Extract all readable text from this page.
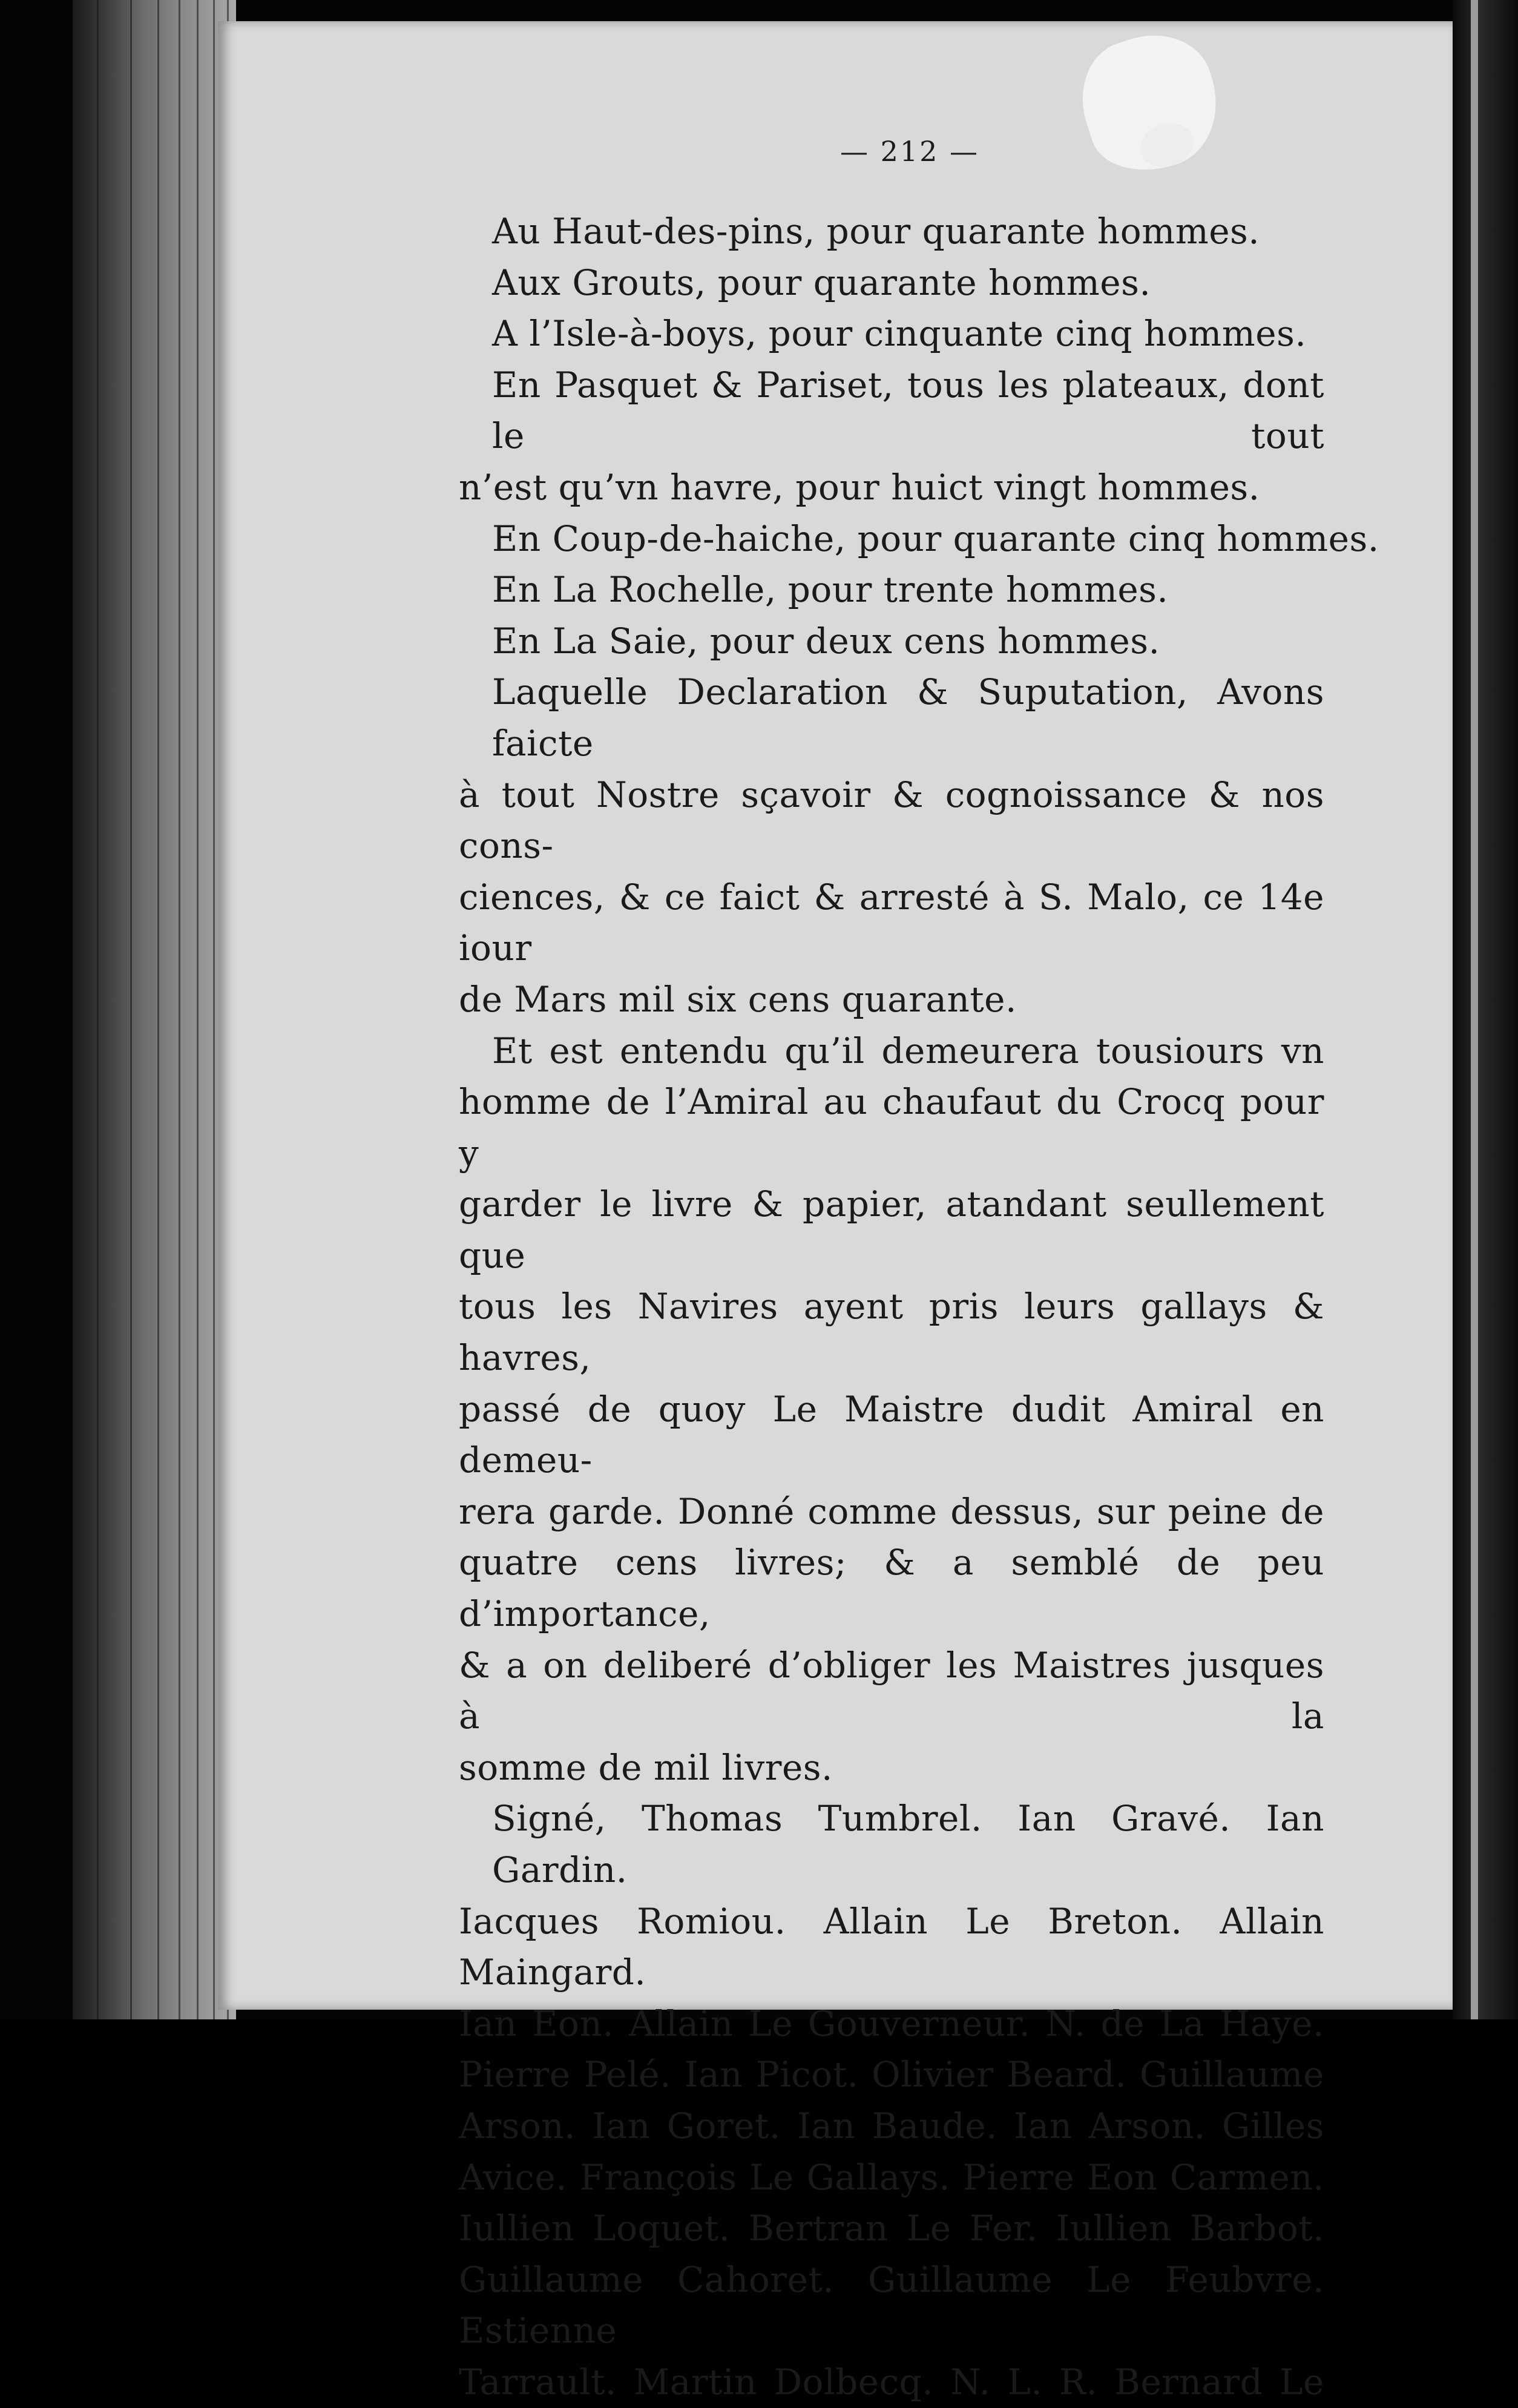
— 212 —
Au Haut-des-pins, pour quarante hommes.
Aux Grouts, pour quarante hommes.
A l’Isle-à-boys, pour cinquante cinq hommes.
En Pasquet & Pariset, tous les plateaux, dont le tout
n’est qu’vn havre, pour huict vingt hommes.
En Coup-de-haiche, pour quarante cinq hommes.
En La Rochelle, pour trente hommes.
En La Saie, pour deux cens hommes.
Laquelle Declaration & Suputation, Avons faicte
à tout Nostre sçavoir & cognoissance & nos cons-
ciences, & ce faict & arresté à S. Malo, ce 14e iour
de Mars mil six cens quarante.
Et est entendu qu’il demeurera tousiours vn
homme de l’Amiral au chaufaut du Crocq pour y
garder le livre & papier, atandant seullement que
tous les Navires ayent pris leurs gallays & havres,
passé de quoy Le Maistre dudit Amiral en demeu-
rera garde. Donné comme dessus, sur peine de
quatre cens livres; & a semblé de peu d’importance,
& a on deliberé d’obliger les Maistres jusques à la
somme de mil livres.
Signé, Thomas Tumbrel. Ian Gravé. Ian Gardin.
Iacques Romiou. Allain Le Breton. Allain Maingard.
Ian Eon. Allain Le Gouverneur. N. de La Haye.
Pierre Pelé. Ian Picot. Olivier Beard. Guillaume
Arson. Ian Goret. Ian Baude. Ian Arson. Gilles
Avice. François Le Gallays. Pierre Eon Carmen.
Iullien Loquet. Bertran Le Fer. Iullien Barbot.
Guillaume Cahoret. Guillaume Le Feubvre. Estienne
Tarrault. Martin Dolbecq. N. L. R. Bernard Le
